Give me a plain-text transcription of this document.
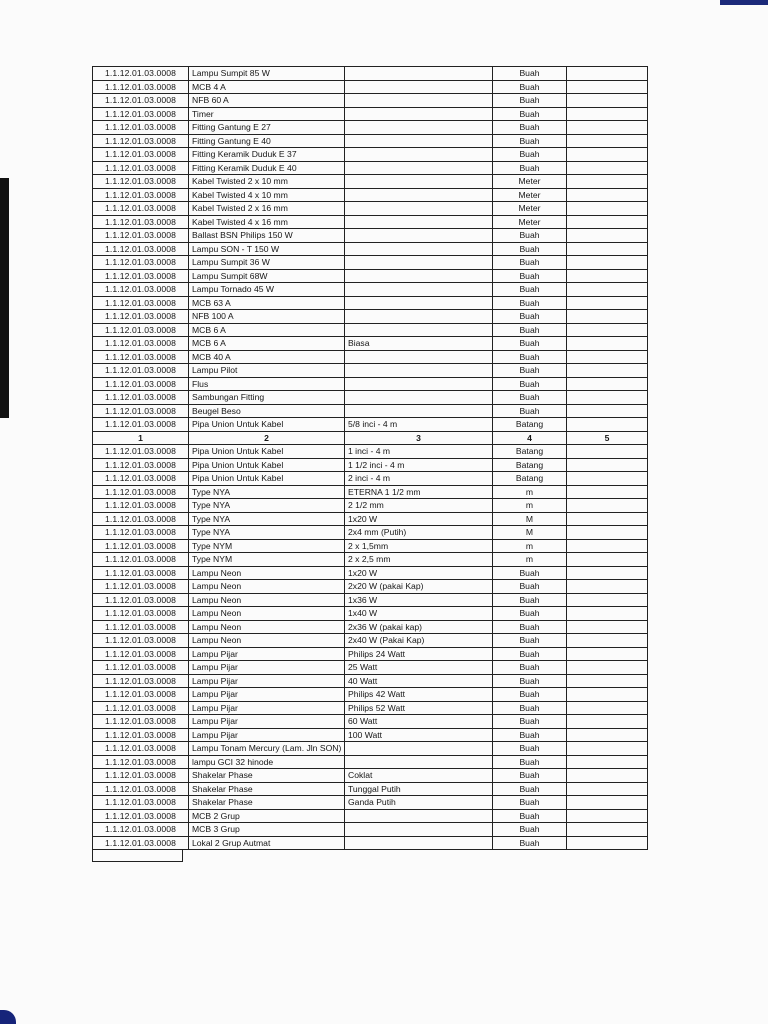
1.1.12.01.03.0008	Lampu Sumpit 85 W		Buah	
1.1.12.01.03.0008	MCB 4 A		Buah	
1.1.12.01.03.0008	NFB 60 A		Buah	
1.1.12.01.03.0008	Timer		Buah	
1.1.12.01.03.0008	Fitting Gantung E 27		Buah	
1.1.12.01.03.0008	Fitting Gantung E 40		Buah	
1.1.12.01.03.0008	Fitting Keramik Duduk E 37		Buah	
1.1.12.01.03.0008	Fitting Keramik Duduk E 40		Buah	
1.1.12.01.03.0008	Kabel Twisted 2 x 10 mm		Meter	
1.1.12.01.03.0008	Kabel Twisted 4 x 10 mm		Meter	
1.1.12.01.03.0008	Kabel Twisted 2 x 16 mm		Meter	
1.1.12.01.03.0008	Kabel Twisted 4 x 16 mm		Meter	
1.1.12.01.03.0008	Ballast BSN Philips 150 W		Buah	
1.1.12.01.03.0008	Lampu SON - T 150 W		Buah	
1.1.12.01.03.0008	Lampu Sumpit 36 W		Buah	
1.1.12.01.03.0008	Lampu Sumpit 68W		Buah	
1.1.12.01.03.0008	Lampu Tornado 45 W		Buah	
1.1.12.01.03.0008	MCB 63 A		Buah	
1.1.12.01.03.0008	NFB 100 A		Buah	
1.1.12.01.03.0008	MCB 6 A		Buah	
1.1.12.01.03.0008	MCB 6 A	Biasa	Buah	
1.1.12.01.03.0008	MCB 40 A		Buah	
1.1.12.01.03.0008	Lampu Pilot		Buah	
1.1.12.01.03.0008	Flus		Buah	
1.1.12.01.03.0008	Sambungan Fitting		Buah	
1.1.12.01.03.0008	Beugel Beso		Buah	
1.1.12.01.03.0008	Pipa Union Untuk Kabel	5/8 inci - 4 m	Batang	
1	2	3	4	5
1.1.12.01.03.0008	Pipa Union Untuk Kabel	1 inci - 4 m	Batang	
1.1.12.01.03.0008	Pipa Union Untuk Kabel	1 1/2 inci - 4 m	Batang	
1.1.12.01.03.0008	Pipa Union Untuk Kabel	2 inci - 4 m	Batang	
1.1.12.01.03.0008	Type NYA	ETERNA 1 1/2 mm	m	
1.1.12.01.03.0008	Type NYA	2 1/2 mm	m	
1.1.12.01.03.0008	Type NYA	1x20 W	M	
1.1.12.01.03.0008	Type NYA	2x4 mm (Putih)	M	
1.1.12.01.03.0008	Type NYM	2 x 1,5mm	m	
1.1.12.01.03.0008	Type NYM	2 x 2,5 mm	m	
1.1.12.01.03.0008	Lampu Neon	1x20 W	Buah	
1.1.12.01.03.0008	Lampu Neon	2x20 W (pakai Kap)	Buah	
1.1.12.01.03.0008	Lampu Neon	1x36 W	Buah	
1.1.12.01.03.0008	Lampu Neon	1x40 W	Buah	
1.1.12.01.03.0008	Lampu Neon	2x36 W (pakai kap)	Buah	
1.1.12.01.03.0008	Lampu Neon	2x40 W (Pakai Kap)	Buah	
1.1.12.01.03.0008	Lampu Pijar	Philips 24 Watt	Buah	
1.1.12.01.03.0008	Lampu Pijar	25 Watt	Buah	
1.1.12.01.03.0008	Lampu Pijar	40 Watt	Buah	
1.1.12.01.03.0008	Lampu Pijar	Philips 42 Watt	Buah	
1.1.12.01.03.0008	Lampu Pijar	Philips 52 Watt	Buah	
1.1.12.01.03.0008	Lampu Pijar	60 Watt	Buah	
1.1.12.01.03.0008	Lampu Pijar	100 Watt	Buah	
1.1.12.01.03.0008	Lampu Tonam Mercury (Lam. Jln SON)		Buah	
1.1.12.01.03.0008	lampu GCI 32 hinode		Buah	
1.1.12.01.03.0008	Shakelar Phase	Coklat	Buah	
1.1.12.01.03.0008	Shakelar Phase	Tunggal Putih	Buah	
1.1.12.01.03.0008	Shakelar Phase	Ganda Putih	Buah	
1.1.12.01.03.0008	MCB 2 Grup		Buah	
1.1.12.01.03.0008	MCB 3 Grup		Buah	
1.1.12.01.03.0008	Lokal 2 Grup Autmat		Buah	
